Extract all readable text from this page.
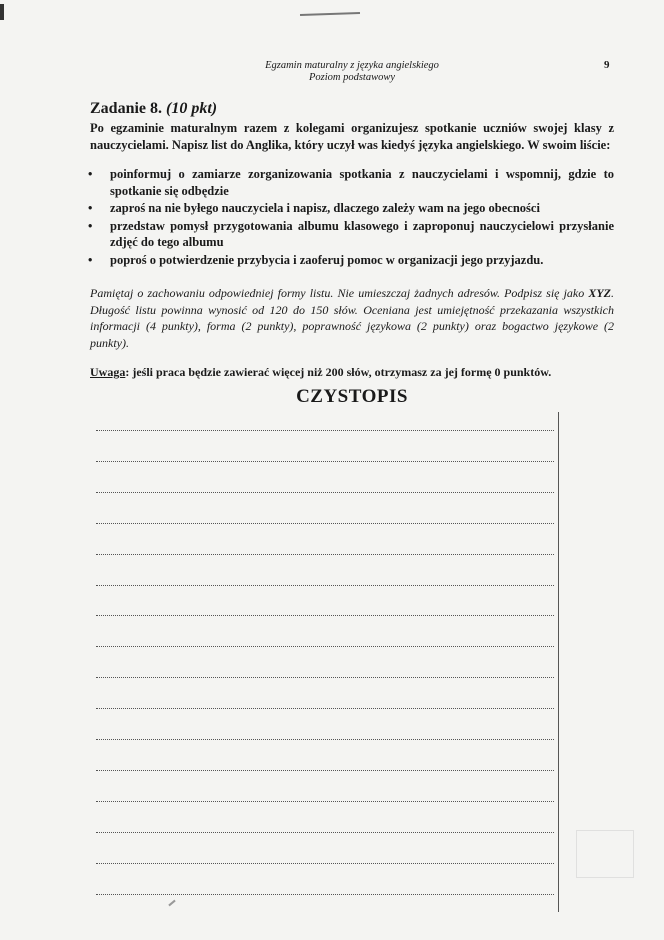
Egzamin maturalny z języka angielskiego
Poziom podstawowy
9
Zadanie 8. (10 pkt)

Po egzaminie maturalnym razem z kolegami organizujesz spotkanie uczniów swojej klasy z nauczycielami. Napisz list do Anglika, który uczył was kiedyś języka angielskiego. W swoim liście:

• poinformuj o zamiarze zorganizowania spotkania z nauczycielami i wspomnij, gdzie to spotkanie się odbędzie
• zaproś na nie byłego nauczyciela i napisz, dlaczego zależy wam na jego obecności
• przedstaw pomysł przygotowania albumu klasowego i zaproponuj nauczycielowi przysłanie zdjęć do tego albumu
• poproś o potwierdzenie przybycia i zaoferuj pomoc w organizacji jego przyjazdu.
Pamiętaj o zachowaniu odpowiedniej formy listu. Nie umieszczaj żadnych adresów. Podpisz się jako XYZ. Długość listu powinna wynosić od 120 do 150 słów. Oceniana jest umiejętność przekazania wszystkich informacji (4 punkty), forma (2 punkty), poprawność językowa (2 punkty) oraz bogactwo językowe (2 punkty).
Uwaga: jeśli praca będzie zawierać więcej niż 200 słów, otrzymasz za jej formę 0 punktów.
CZYSTOPIS
